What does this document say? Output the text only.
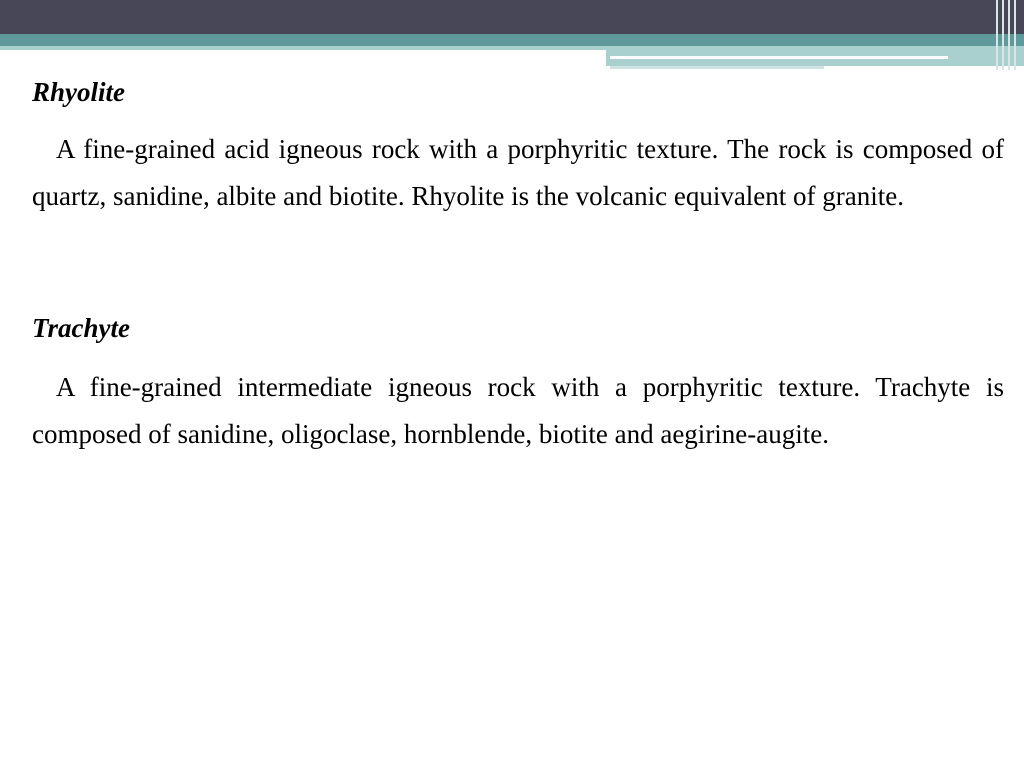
Rhyolite

A fine-grained acid igneous rock with a porphyritic texture. The rock is composed of quartz, sanidine, albite and biotite. Rhyolite is the volcanic equivalent of granite.

Trachyte

A fine-grained intermediate igneous rock with a porphyritic texture. Trachyte is composed of sanidine, oligoclase, hornblende, biotite and aegirine-augite.
